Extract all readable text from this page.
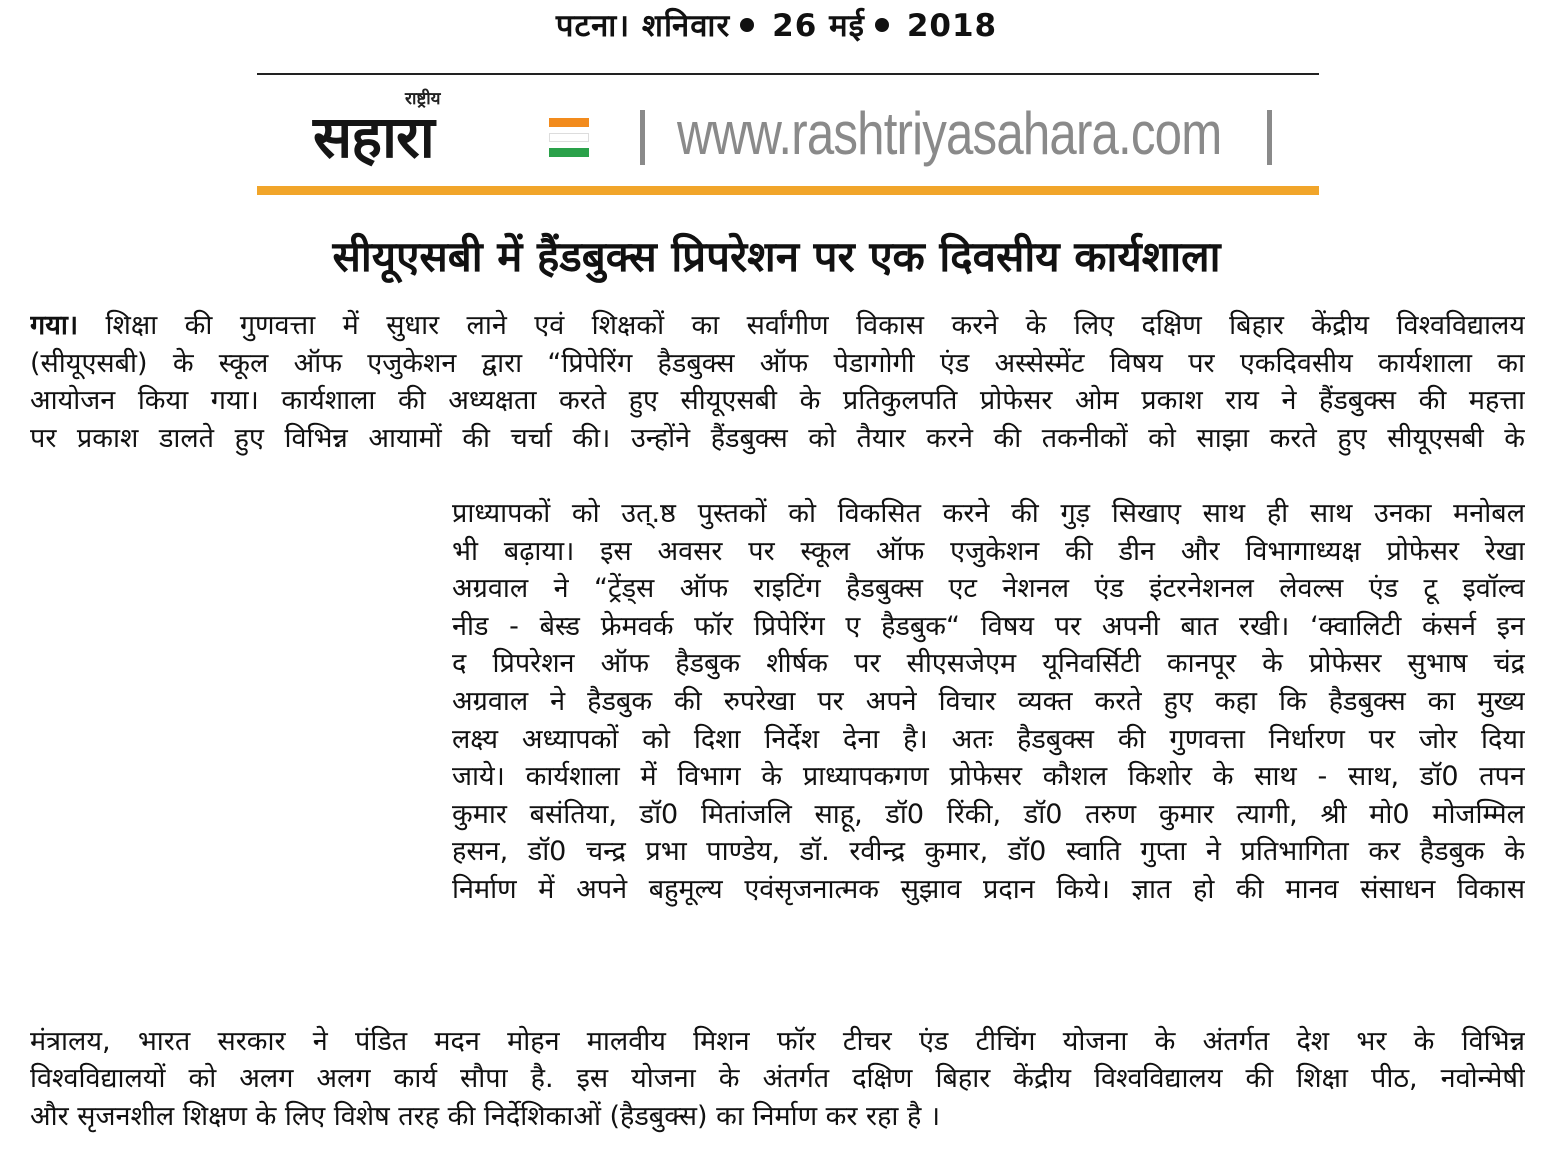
पटना। शनिवार 26 मई 2018
राष्ट्रीय
सहारा	www.rashtriyasahara.com
सीयूएसबी में हैंडबुक्स प्रिपरेशन पर एक दिवसीय कार्यशाला
गया। शिक्षा की गुणवत्ता में सुधार लाने एवं शिक्षकों का सर्वांगीण विकास करने के लिए दक्षिण बिहार केंद्रीय विश्वविद्यालय
(सीयूएसबी) के स्कूल ऑफ एजुकेशन द्वारा “प्रिपेरिंग हैडबुक्स ऑफ पेडागोगी एंड अस्सेस्मेंट विषय पर एकदिवसीय कार्यशाला का
आयोजन किया गया। कार्यशाला की अध्यक्षता करते हुए सीयूएसबी के प्रतिकुलपति प्रोफेसर ओम प्रकाश राय ने हैंडबुक्स की महत्ता
पर प्रकाश डालते हुए विभिन्न आयामों की चर्चा की। उन्होंने हैंडबुक्स को तैयार करने की तकनीकों को साझा करते हुए सीयूएसबी के
प्राध्यापकों को उत्.ष्ठ पुस्तकों को विकसित करने की गुड़ सिखाए साथ ही साथ उनका मनोबल
भी बढ़ाया। इस अवसर पर स्कूल ऑफ एजुकेशन की डीन और विभागाध्यक्ष प्रोफेसर रेखा
अग्रवाल ने “ट्रेंड्स ऑफ राइटिंग हैडबुक्स एट नेशनल एंड इंटरनेशनल लेवल्स एंड टू इवॉल्व
नीड - बेस्ड फ्रेमवर्क फॉर प्रिपेरिंग ए हैडबुक“ विषय पर अपनी बात रखी। ‘क्वालिटी कंसर्न इन
द प्रिपरेशन ऑफ हैडबुक शीर्षक पर सीएसजेएम यूनिवर्सिटी कानपूर के प्रोफेसर सुभाष चंद्र
अग्रवाल ने हैडबुक की रुपरेखा पर अपने विचार व्यक्त करते हुए कहा कि हैडबुक्स का मुख्य
लक्ष्य अध्यापकों को दिशा निर्देश देना है। अतः हैडबुक्स की गुणवत्ता निर्धारण पर जोर दिया
जाये। कार्यशाला में विभाग के प्राध्यापकगण प्रोफेसर कौशल किशोर के साथ - साथ, डॉ0 तपन
कुमार बसंतिया, डॉ0 मितांजलि साहू, डॉ0 रिंकी, डॉ0 तरुण कुमार त्यागी, श्री मो0 मोजम्मिल
हसन, डॉ0 चन्द्र प्रभा पाण्डेय, डॉ. रवीन्द्र कुमार, डॉ0 स्वाति गुप्ता ने प्रतिभागिता कर हैडबुक के
निर्माण में अपने बहुमूल्य एवंसृजनात्मक सुझाव प्रदान किये। ज्ञात हो की मानव संसाधन विकास
मंत्रालय, भारत सरकार ने पंडित मदन मोहन मालवीय मिशन फॉर टीचर एंड टीचिंग योजना के अंतर्गत देश भर के विभिन्न
विश्वविद्यालयों को अलग अलग कार्य सौपा है. इस योजना के अंतर्गत दक्षिण बिहार केंद्रीय विश्वविद्यालय की शिक्षा पीठ, नवोन्मेषी
और सृजनशील शिक्षण के लिए विशेष तरह की निर्देशिकाओं (हैडबुक्स) का निर्माण कर रहा है ।
